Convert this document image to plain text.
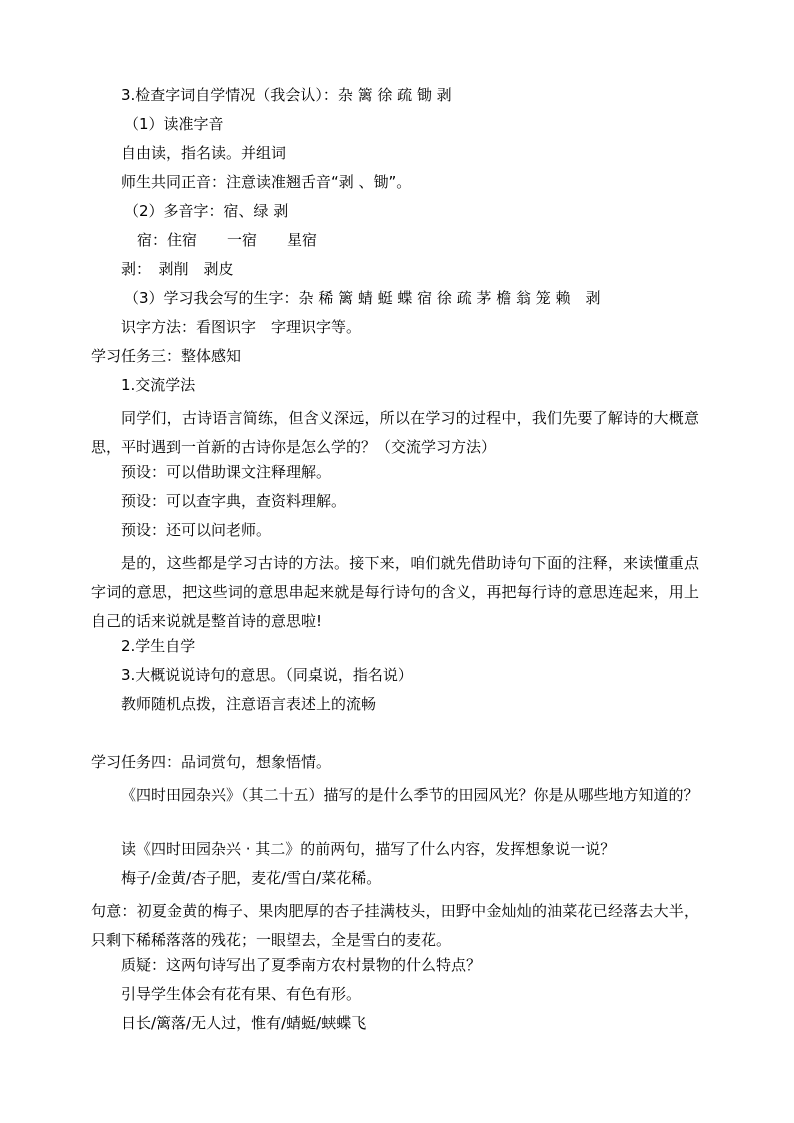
3.检查字词自学情况（我会认）：杂 篱 徐 疏 锄 剥
（1）读准字音
自由读，指名读。并组词
师生共同正音：注意读准翘舌音“剥 、锄”。
（2）多音字：宿、绿 剥
宿：住宿　　一宿　　星宿
剥：　剥削　剥皮
（3）学习我会写的生字：杂 稀 篱 蜻 蜓 蝶 宿 徐 疏 茅 檐 翁 笼 赖　剥
识字方法：看图识字　字理识字等。
学习任务三：整体感知
1.交流学法
同学们，古诗语言简练，但含义深远，所以在学习的过程中，我们先要了解诗的大概意思，平时遇到一首新的古诗你是怎么学的？（交流学习方法）
预设：可以借助课文注释理解。
预设：可以查字典，查资料理解。
预设：还可以问老师。
是的，这些都是学习古诗的方法。接下来，咱们就先借助诗句下面的注释，来读懂重点字词的意思，把这些词的意思串起来就是每行诗句的含义，再把每行诗的意思连起来，用上自己的话来说就是整首诗的意思啦!
2.学生自学
3.大概说说诗句的意思。（同桌说，指名说）
教师随机点拨，注意语言表述上的流畅
学习任务四：品词赏句，想象悟情。
《四时田园杂兴》（其二十五）描写的是什么季节的田园风光？你是从哪些地方知道的？
读《四时田园杂兴 · 其二》的前两句，描写了什么内容，发挥想象说一说？
梅子/金黄/杏子肥，麦花/雪白/菜花稀。
句意：初夏金黄的梅子、果肉肥厚的杏子挂满枝头，田野中金灿灿的油菜花已经落去大半，只剩下稀稀落落的残花；一眼望去，全是雪白的麦花。
质疑：这两句诗写出了夏季南方农村景物的什么特点？
引导学生体会有花有果、有色有形。
日长/篱落/无人过，惟有/蜻蜓/蛱蝶飞
